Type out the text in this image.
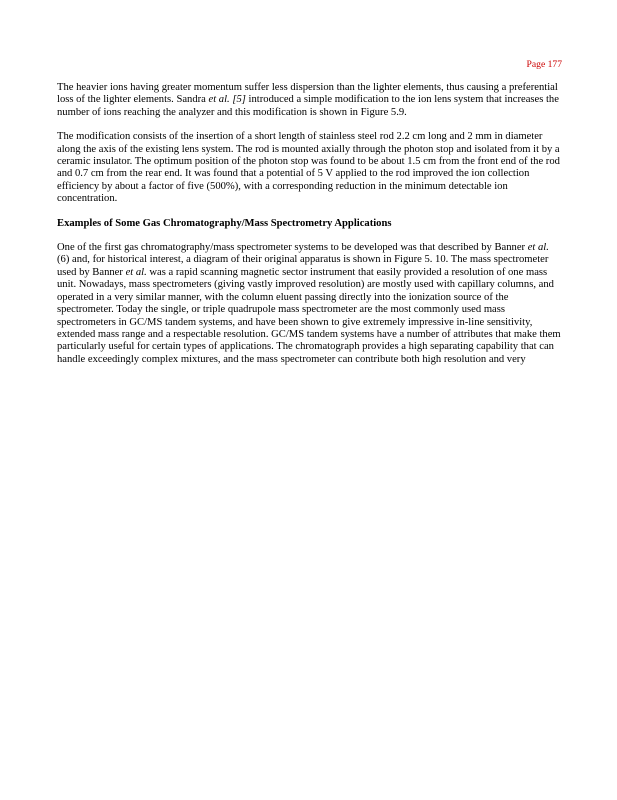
Page 177

The heavier ions having greater momentum suffer less dispersion than the lighter elements, thus causing a preferential loss of the lighter elements. Sandra et al. [5] introduced a simple modification to the ion lens system that increases the number of ions reaching the analyzer and this modification is shown in Figure 5.9.

The modification consists of the insertion of a short length of stainless steel rod 2.2 cm long and 2 mm in diameter along the axis of the existing lens system. The rod is mounted axially through the photon stop and isolated from it by a ceramic insulator. The optimum position of the photon stop was found to be about 1.5 cm from the front end of the rod and 0.7 cm from the rear end. It was found that a potential of 5 V applied to the rod improved the ion collection efficiency by about a factor of five (500%), with a corresponding reduction in the minimum detectable ion concentration.

Examples of Some Gas Chromatography/Mass Spectrometry Applications

One of the first gas chromatography/mass spectrometer systems to be developed was that described by Banner et al. (6) and, for historical interest, a diagram of their original apparatus is shown in Figure 5. 10. The mass spectrometer used by Banner et al. was a rapid scanning magnetic sector instrument that easily provided a resolution of one mass unit. Nowadays, mass spectrometers (giving vastly improved resolution) are mostly used with capillary columns, and operated in a very similar manner, with the column eluent passing directly into the ionization source of the spectrometer. Today the single, or triple quadrupole mass spectrometer are the most commonly used mass spectrometers in GC/MS tandem systems, and have been shown to give extremely impressive in-line sensitivity, extended mass range and a respectable resolution. GC/MS tandem systems have a number of attributes that make them particularly useful for certain types of applications. The chromatograph provides a high separating capability that can handle exceedingly complex mixtures, and the mass spectrometer can contribute both high resolution and very
